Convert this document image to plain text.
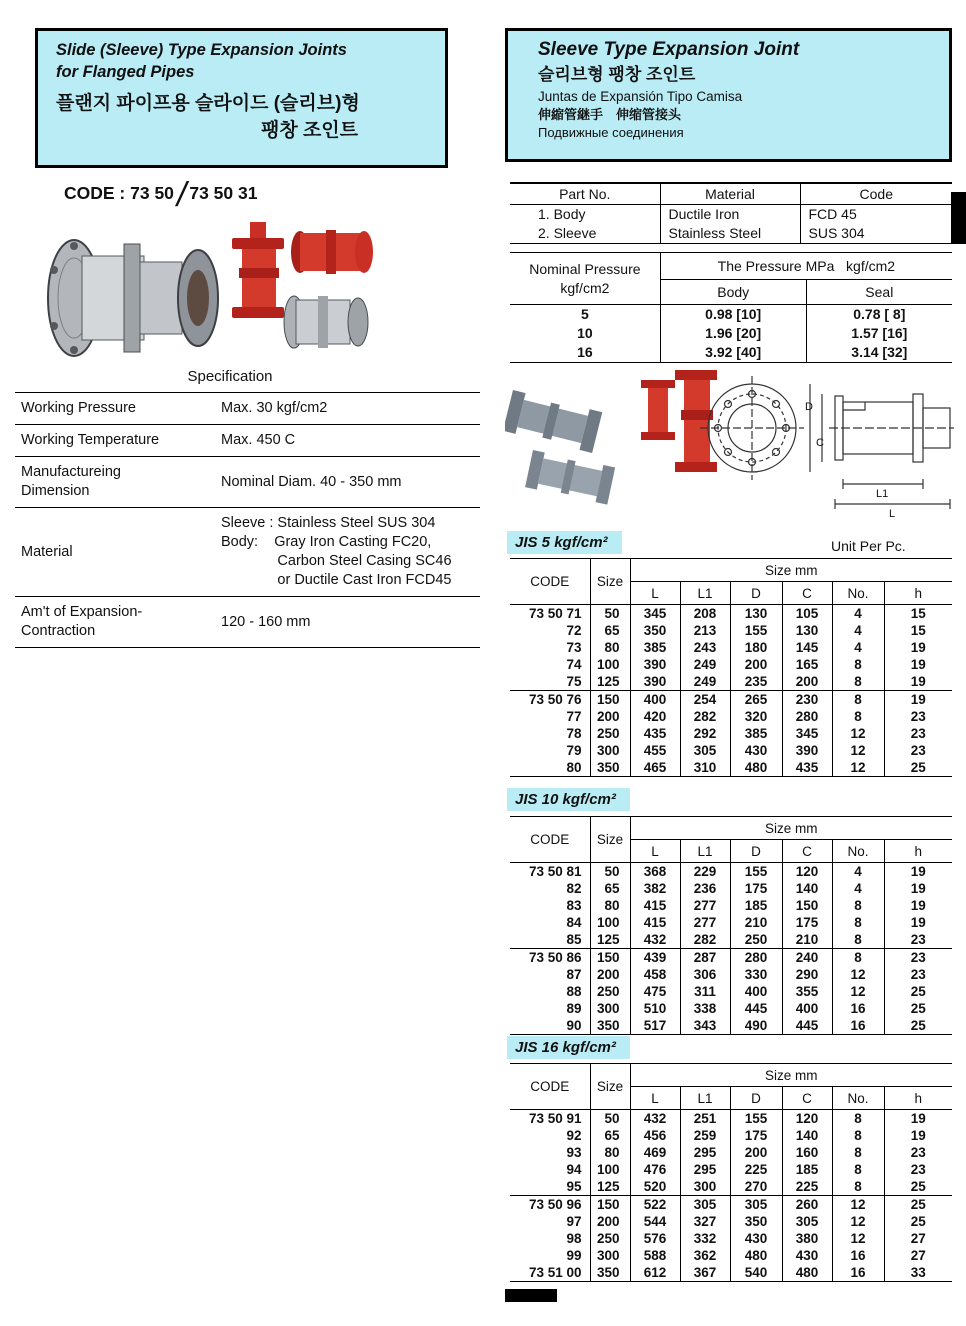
Slide (Sleeve) Type Expansion Joints
for Flanged Pipes
플랜지 파이프용 슬라이드 (슬리브)형
팽창 조인트
CODE : 73 50/ 73 50 31
Specification
Working Pressure	Max. 30 kgf/cm2
Working Temperature	Max. 450 C
Manufactureing
Dimension	Nominal Diam. 40 - 350 mm
Material	Sleeve : Stainless Steel SUS 304
Body:    Gray Iron Casting FC20,
Carbon Steel Casing SC46
or Ductile Cast Iron FCD45
Am't of Expansion-
Contraction	120 - 160 mm
Sleeve Type Expansion Joint
슬리브형 팽창 조인트
Juntas de Expansión Tipo Camisa
伸縮管継手　伸缩管接头
Подвижные соединения
Part No.	Material	Code
1. Body	Ductile Iron	FCD 45
2. Sleeve	Stainless Steel	SUS 304
Nominal Pressure
kgf/cm2	The Pressure MPa   kgf/cm2	
	Body	Seal
5	0.98 [10]	0.78 [ 8]
10	1.96 [20]	1.57 [16]
16	3.92 [40]	3.14 [32]
D
C
L1
L
JIS 5 kgf/cm²	Unit Per Pc.
CODE	Size	Size mm					
		L	L1	D	C	No.	h
73 50 71	50	345	208	130	105	4	15
72	65	350	213	155	130	4	15
73	80	385	243	180	145	4	19
74	100	390	249	200	165	8	19
75	125	390	249	235	200	8	19
73 50 76	150	400	254	265	230	8	19
77	200	420	282	320	280	8	23
78	250	435	292	385	345	12	23
79	300	455	305	430	390	12	23
80	350	465	310	480	435	12	25
JIS 10 kgf/cm²
CODE	Size	Size mm					
		L	L1	D	C	No.	h
73 50 81	50	368	229	155	120	4	19
82	65	382	236	175	140	4	19
83	80	415	277	185	150	8	19
84	100	415	277	210	175	8	19
85	125	432	282	250	210	8	23
73 50 86	150	439	287	280	240	8	23
87	200	458	306	330	290	12	23
88	250	475	311	400	355	12	25
89	300	510	338	445	400	16	25
90	350	517	343	490	445	16	25
JIS 16 kgf/cm²
CODE	Size	Size mm					
		L	L1	D	C	No.	h
73 50 91	50	432	251	155	120	8	19
92	65	456	259	175	140	8	19
93	80	469	295	200	160	8	23
94	100	476	295	225	185	8	23
95	125	520	300	270	225	8	25
73 50 96	150	522	305	305	260	12	25
97	200	544	327	350	305	12	25
98	250	576	332	430	380	12	27
99	300	588	362	480	430	16	27
73 51 00	350	612	367	540	480	16	33
